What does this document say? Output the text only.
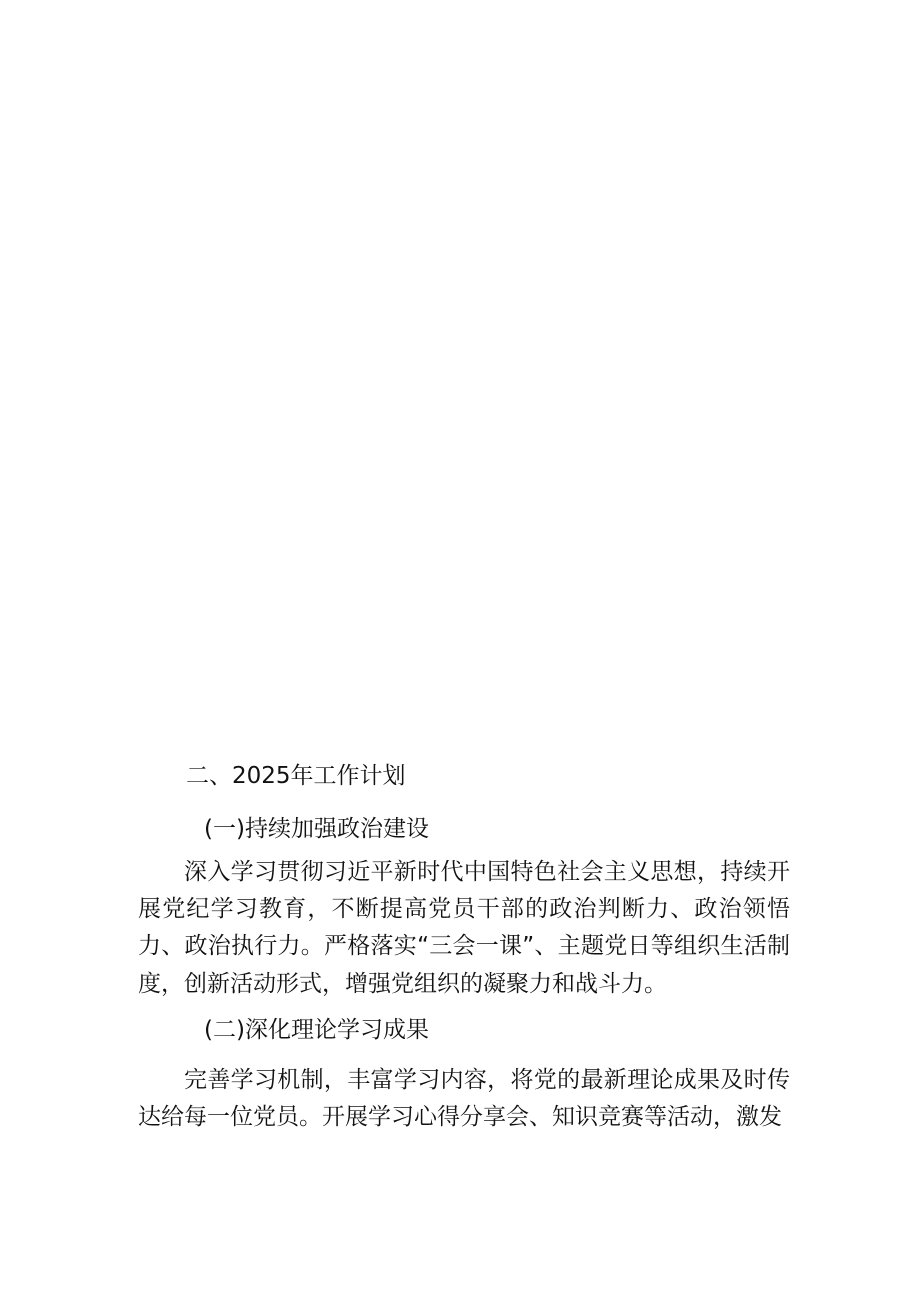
二、2025年工作计划
(一)持续加强政治建设
深入学习贯彻习近平新时代中国特色社会主义思想，持续开展党纪学习教育，不断提高党员干部的政治判断力、政治领悟力、政治执行力。严格落实“三会一课”、主题党日等组织生活制度，创新活动形式，增强党组织的凝聚力和战斗力。
(二)深化理论学习成果
完善学习机制，丰富学习内容，将党的最新理论成果及时传达给每一位党员。开展学习心得分享会、知识竞赛等活动，激发
